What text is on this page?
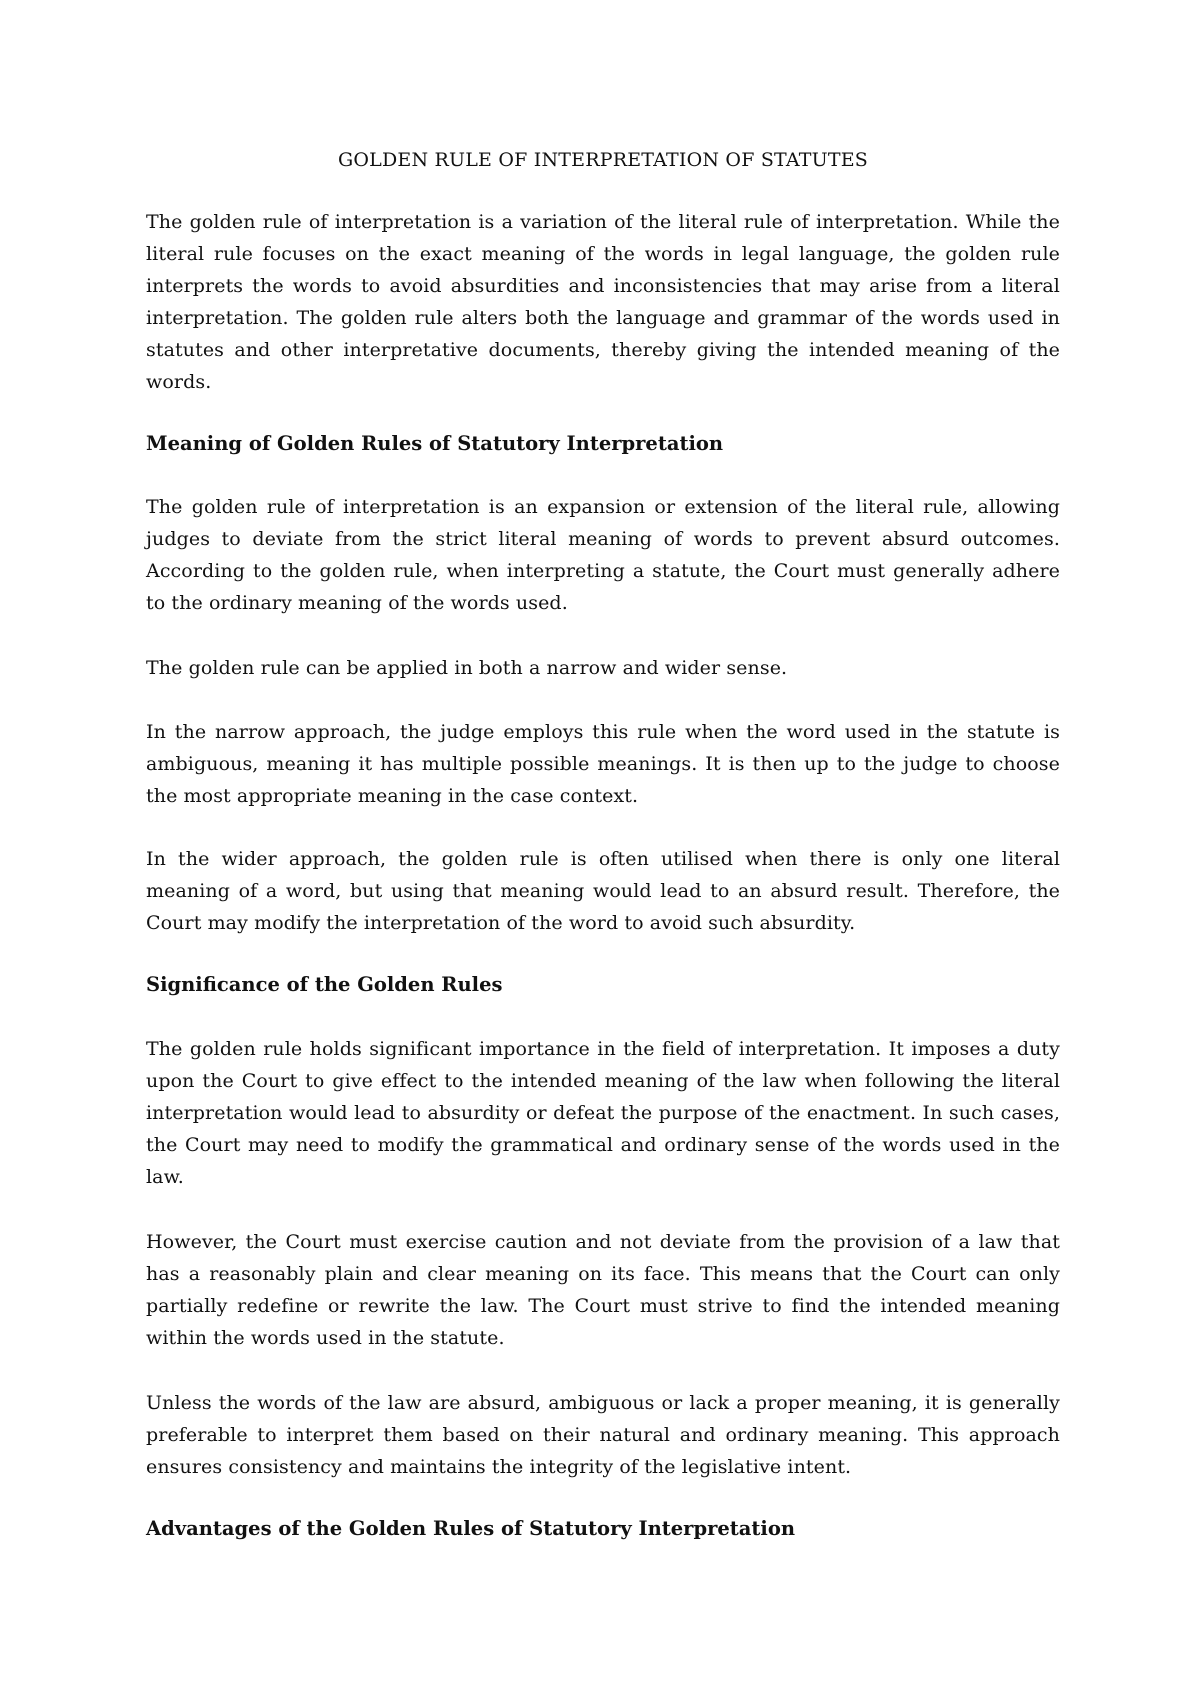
GOLDEN RULE OF INTERPRETATION OF STATUTES

The golden rule of interpretation is a variation of the literal rule of interpretation. While the literal rule focuses on the exact meaning of the words in legal language, the golden rule interprets the words to avoid absurdities and inconsistencies that may arise from a literal interpretation. The golden rule alters both the language and grammar of the words used in statutes and other interpretative documents, thereby giving the intended meaning of the words.

Meaning of Golden Rules of Statutory Interpretation

The golden rule of interpretation is an expansion or extension of the literal rule, allowing judges to deviate from the strict literal meaning of words to prevent absurd outcomes. According to the golden rule, when interpreting a statute, the Court must generally adhere to the ordinary meaning of the words used.

The golden rule can be applied in both a narrow and wider sense.

In the narrow approach, the judge employs this rule when the word used in the statute is ambiguous, meaning it has multiple possible meanings. It is then up to the judge to choose the most appropriate meaning in the case context.

In the wider approach, the golden rule is often utilised when there is only one literal meaning of a word, but using that meaning would lead to an absurd result. Therefore, the Court may modify the interpretation of the word to avoid such absurdity.

Significance of the Golden Rules

The golden rule holds significant importance in the field of interpretation. It imposes a duty upon the Court to give effect to the intended meaning of the law when following the literal interpretation would lead to absurdity or defeat the purpose of the enactment. In such cases, the Court may need to modify the grammatical and ordinary sense of the words used in the law.

However, the Court must exercise caution and not deviate from the provision of a law that has a reasonably plain and clear meaning on its face. This means that the Court can only partially redefine or rewrite the law. The Court must strive to find the intended meaning within the words used in the statute.

Unless the words of the law are absurd, ambiguous or lack a proper meaning, it is generally preferable to interpret them based on their natural and ordinary meaning. This approach ensures consistency and maintains the integrity of the legislative intent.

Advantages of the Golden Rules of Statutory Interpretation
